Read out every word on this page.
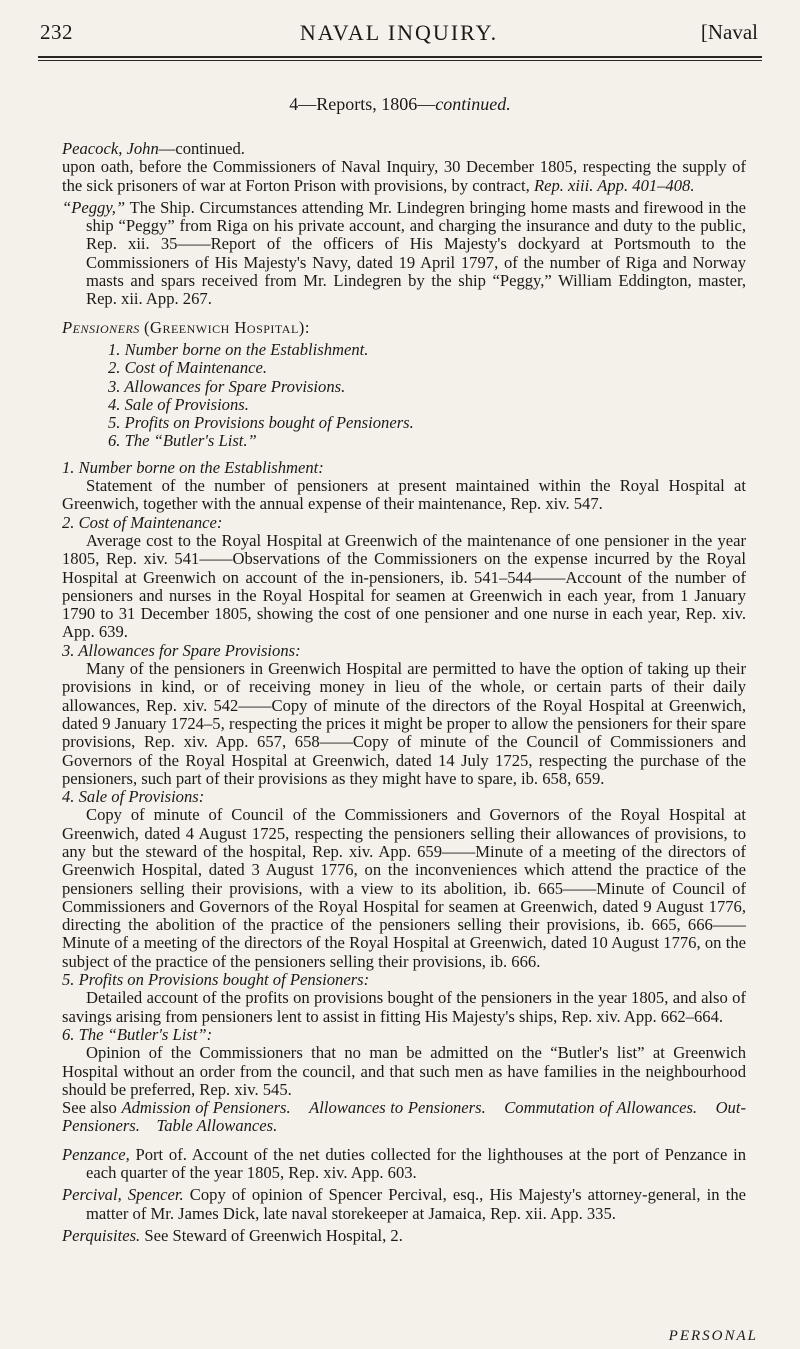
232	NAVAL INQUIRY.	[Naval
4—Reports, 1806—continued.

Peacock, John—continued.

upon oath, before the Commissioners of Naval Inquiry, 30 December 1805, respecting the supply of the sick prisoners of war at Forton Prison with provisions, by contract, Rep. xiii. App. 401–408.

“Peggy,” The Ship. Circumstances attending Mr. Lindegren bringing home masts and firewood in the ship “Peggy” from Riga on his private account, and charging the insurance and duty to the public, Rep. xii. 35——Report of the officers of His Majesty's dockyard at Portsmouth to the Commissioners of His Majesty's Navy, dated 19 April 1797, of the number of Riga and Norway masts and spars received from Mr. Lindegren by the ship “Peggy,” William Eddington, master, Rep. xii. App. 267.

Pensioners (Greenwich Hospital):

1. Number borne on the Establishment.
2. Cost of Maintenance.
3. Allowances for Spare Provisions.
4. Sale of Provisions.
5. Profits on Provisions bought of Pensioners.
6. The “Butler's List.”

1. Number borne on the Establishment:

Statement of the number of pensioners at present maintained within the Royal Hospital at Greenwich, together with the annual expense of their maintenance, Rep. xiv. 547.

2. Cost of Maintenance:

Average cost to the Royal Hospital at Greenwich of the maintenance of one pensioner in the year 1805, Rep. xiv. 541——Observations of the Commissioners on the expense incurred by the Royal Hospital at Greenwich on account of the in-pensioners, ib. 541–544——Account of the number of pensioners and nurses in the Royal Hospital for seamen at Greenwich in each year, from 1 January 1790 to 31 December 1805, showing the cost of one pensioner and one nurse in each year, Rep. xiv. App. 639.

3. Allowances for Spare Provisions:

Many of the pensioners in Greenwich Hospital are permitted to have the option of taking up their provisions in kind, or of receiving money in lieu of the whole, or certain parts of their daily allowances, Rep. xiv. 542——Copy of minute of the directors of the Royal Hospital at Greenwich, dated 9 January 1724–5, respecting the prices it might be proper to allow the pensioners for their spare provisions, Rep. xiv. App. 657, 658——Copy of minute of the Council of Commissioners and Governors of the Royal Hospital at Greenwich, dated 14 July 1725, respecting the purchase of the pensioners, such part of their provisions as they might have to spare, ib. 658, 659.

4. Sale of Provisions:

Copy of minute of Council of the Commissioners and Governors of the Royal Hospital at Greenwich, dated 4 August 1725, respecting the pensioners selling their allowances of provisions, to any but the steward of the hospital, Rep. xiv. App. 659——Minute of a meeting of the directors of Greenwich Hospital, dated 3 August 1776, on the inconveniences which attend the practice of the pensioners selling their provisions, with a view to its abolition, ib. 665——Minute of Council of Commissioners and Governors of the Royal Hospital for seamen at Greenwich, dated 9 August 1776, directing the abolition of the practice of the pensioners selling their provisions, ib. 665, 666——Minute of a meeting of the directors of the Royal Hospital at Greenwich, dated 10 August 1776, on the subject of the practice of the pensioners selling their provisions, ib. 666.

5. Profits on Provisions bought of Pensioners:

Detailed account of the profits on provisions bought of the pensioners in the year 1805, and also of savings arising from pensioners lent to assist in fitting His Majesty's ships, Rep. xiv. App. 662–664.

6. The “Butler's List”:

Opinion of the Commissioners that no man be admitted on the “Butler's list” at Greenwich Hospital without an order from the council, and that such men as have families in the neighbourhood should be preferred, Rep. xiv. 545.

See also Admission of Pensioners. Allowances to Pensioners. Commutation of Allowances. Out-Pensioners. Table Allowances.

Penzance, Port of. Account of the net duties collected for the lighthouses at the port of Penzance in each quarter of the year 1805, Rep. xiv. App. 603.

Percival, Spencer. Copy of opinion of Spencer Percival, esq., His Majesty's attorney-general, in the matter of Mr. James Dick, late naval storekeeper at Jamaica, Rep. xii. App. 335.

Perquisites. See Steward of Greenwich Hospital, 2.

PERSONAL
